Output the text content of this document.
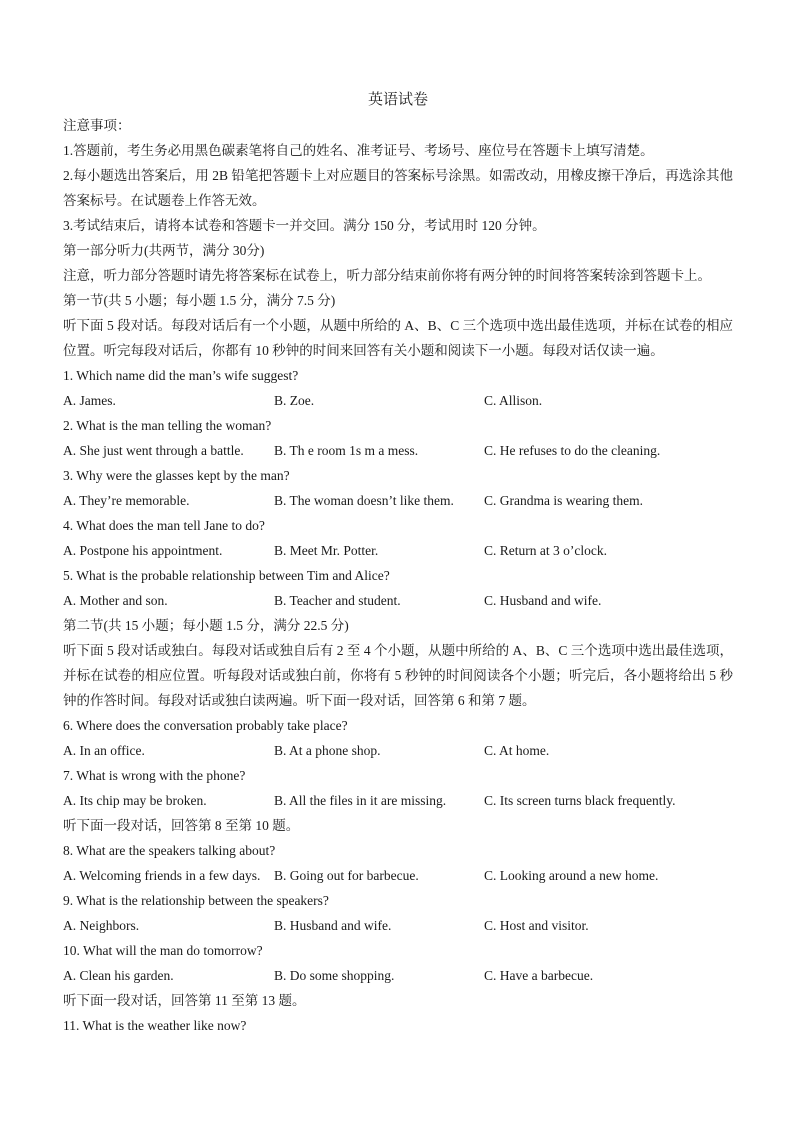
英语试卷
注意事项：
1.答题前，考生务必用黑色碳素笔将自己的姓名、准考证号、考场号、座位号在答题卡上填写清楚。
2.每小题选出答案后，用 2B 铅笔把答题卡上对应题目的答案标号涂黑。如需改动，用橡皮擦干净后，再选涂其他答案标号。在试题卷上作答无效。
3.考试结束后，请将本试卷和答题卡一并交回。满分 150 分，考试用时 120 分钟。
第一部分听力(共两节，满分 30分)
注意，听力部分答题时请先将答案标在试卷上，听力部分结束前你将有两分钟的时间将答案转涂到答题卡上。
第一节(共 5 小题；每小题 1.5 分，满分 7.5 分)
听下面 5 段对话。每段对话后有一个小题，从题中所给的 A、B、C 三个选项中选出最佳选项，并标在试卷的相应位置。听完每段对话后，你都有 10 秒钟的时间来回答有关小题和阅读下一小题。每段对话仅读一遍。
1. Which name did the man’s wife suggest?
A. James.	B. Zoe.	C. Allison.
2. What is the man telling the woman?
A. She just went through a battle. B. Th e room 1s m a mess.	C. He refuses to do the cleaning.
3. Why were the glasses kept by the man?
A. They’re memorable.	B. The woman doesn’t like them. C. Grandma is wearing them.
4. What does the man tell Jane to do?
A. Postpone his appointment.	B. Meet Mr. Potter.	C. Return at 3 o’clock.
5. What is the probable relationship between Tim and Alice?
A. Mother and son.	B. Teacher and student.	C. Husband and wife.
第二节(共 15 小题；每小题 1.5 分，满分 22.5 分)
听下面 5 段对话或独白。每段对话或独自后有 2 至 4 个小题，从题中所给的 A、B、C 三个选项中选出最佳选项，并标在试卷的相应位置。听每段对话或独白前，你将有 5 秒钟的时间阅读各个小题；听完后，各小题将给出 5 秒钟的作答时间。每段对话或独白读两遍。听下面一段对话，回答第 6 和第 7 题。
6. Where does the conversation probably take place?
A. In an office.	B. At a phone shop.	C. At home.
7. What is wrong with the phone?
A. Its chip may be broken.	B. All the files in it are missing.	C. Its screen turns black frequently.
听下面一段对话，回答第 8 至第 10 题。
8. What are the speakers talking about?
A. Welcoming friends in a few days. B. Going out for barbecue.	C. Looking around a new home.
9. What is the relationship between the speakers?
A. Neighbors.	B. Husband and wife.	C. Host and visitor.
10. What will the man do tomorrow?
A. Clean his garden.	B. Do some shopping.	C. Have a barbecue.
听下面一段对话，回答第 11 至第 13 题。
11. What is the weather like now?
